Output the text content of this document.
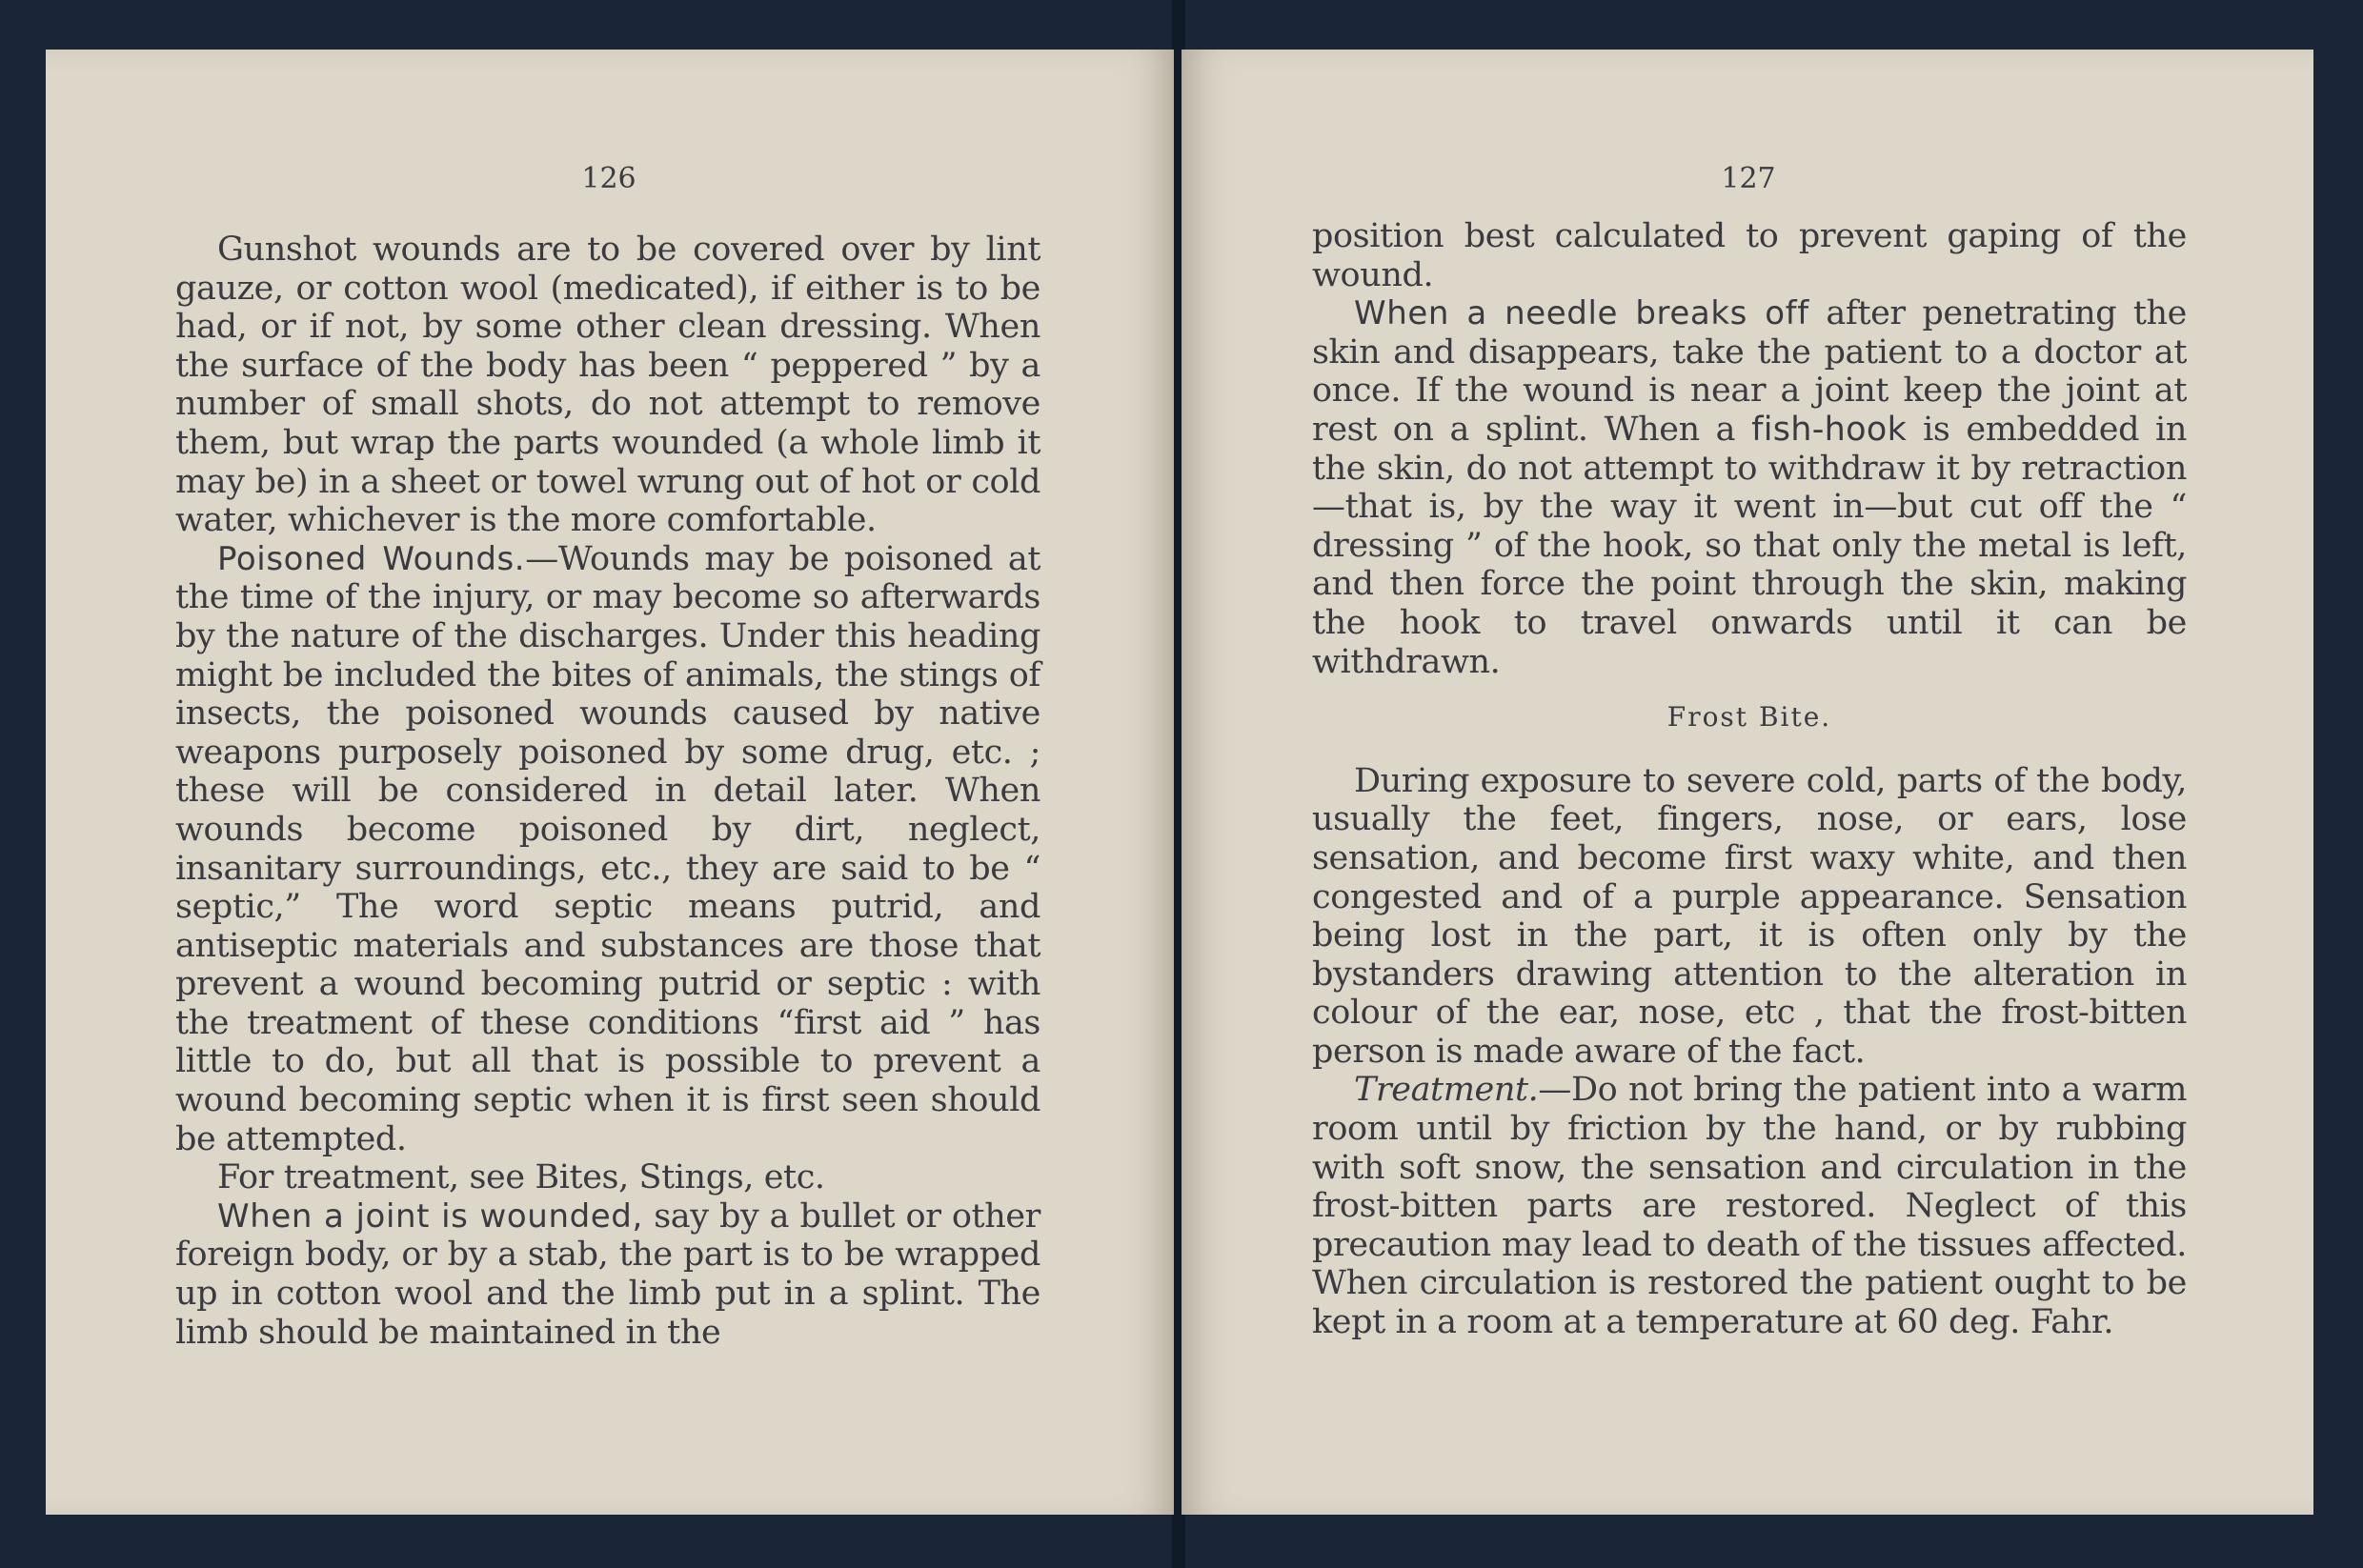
126

Gunshot wounds are to be covered over by lint gauze, or cotton wool (medicated), if either is to be had, or if not, by some other clean dressing. When the surface of the body has been “ peppered ” by a number of small shots, do not attempt to remove them, but wrap the parts wounded (a whole limb it may be) in a sheet or towel wrung out of hot or cold water, whichever is the more comfortable.

Poisoned Wounds.—Wounds may be poisoned at the time of the injury, or may become so afterwards by the nature of the discharges. Under this heading might be included the bites of animals, the stings of insects, the poisoned wounds caused by native weapons purposely poisoned by some drug, etc. ; these will be considered in detail later. When wounds become poisoned by dirt, neglect, insanitary surroundings, etc., they are said to be “ septic,” The word septic means putrid, and antiseptic materials and substances are those that prevent a wound becoming putrid or septic : with the treatment of these conditions “first aid ” has little to do, but all that is possible to prevent a wound becoming septic when it is first seen should be attempted.

For treatment, see Bites, Stings, etc.

When a joint is wounded, say by a bullet or other foreign body, or by a stab, the part is to be wrapped up in cotton wool and the limb put in a splint. The limb should be maintained in the

127

position best calculated to prevent gaping of the wound.

When a needle breaks off after penetrating the skin and disappears, take the patient to a doctor at once. If the wound is near a joint keep the joint at rest on a splint. When a fish-hook is embedded in the skin, do not attempt to withdraw it by retraction—that is, by the way it went in—but cut off the “ dressing ” of the hook, so that only the metal is left, and then force the point through the skin, making the hook to travel onwards until it can be withdrawn.

Frost Bite.

During exposure to severe cold, parts of the body, usually the feet, fingers, nose, or ears, lose sensation, and become first waxy white, and then congested and of a purple appearance. Sensation being lost in the part, it is often only by the bystanders drawing attention to the alteration in colour of the ear, nose, etc , that the frost-bitten person is made aware of the fact.

Treatment.—Do not bring the patient into a warm room until by friction by the hand, or by rubbing with soft snow, the sensation and circulation in the frost-bitten parts are restored. Neglect of this precaution may lead to death of the tissues affected. When circulation is restored the patient ought to be kept in a room at a temperature at 60 deg. Fahr.
